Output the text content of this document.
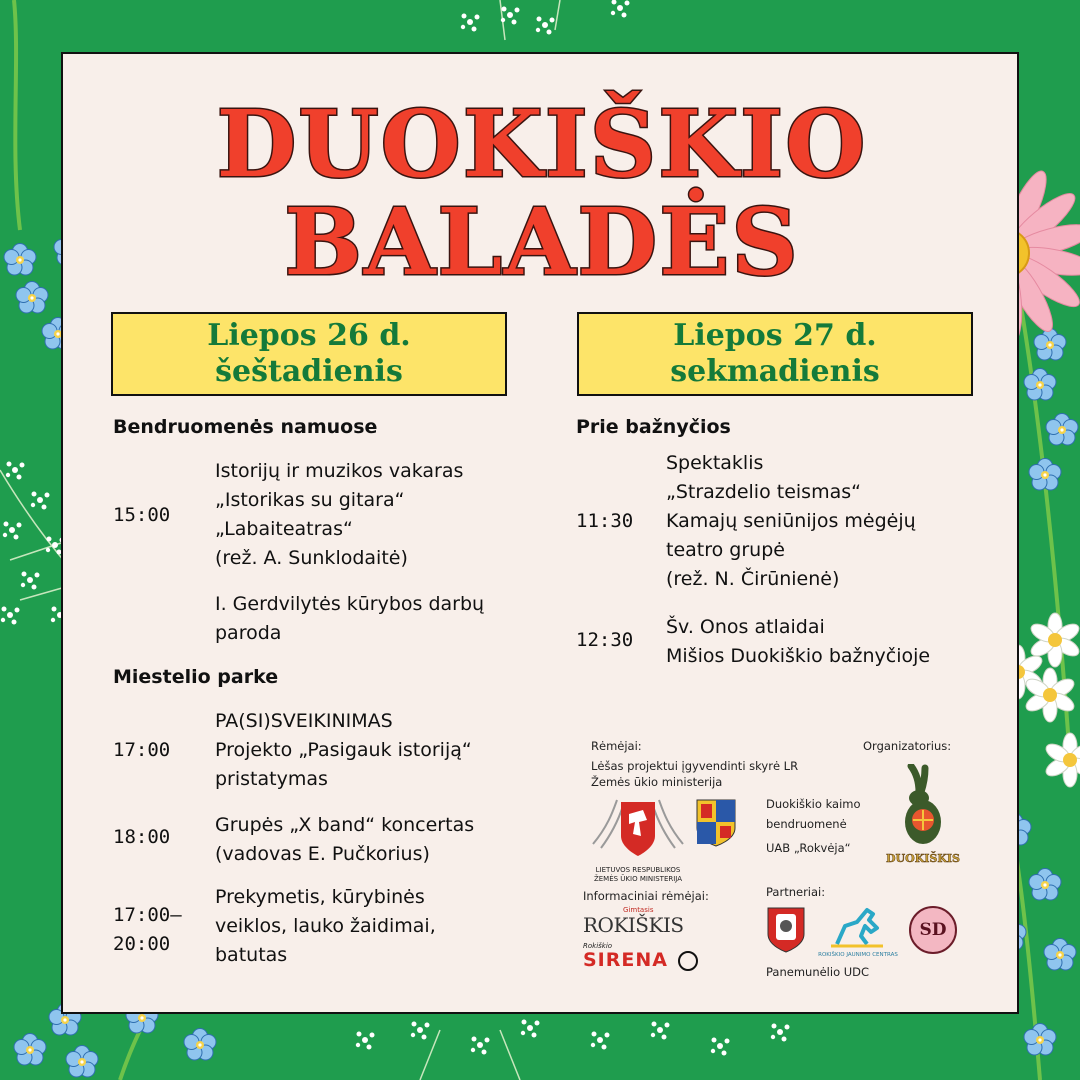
DUOKIŠKIO
BALADĖS
Liepos 26 d.
šeštadienis
Liepos 27 d.
sekmadienis
Bendruomenės namuose
15:00
Istorijų ir muzikos vakaras
„Istorikas su gitara“
„Labaiteatras“
(rež. A. Sunklodaitė)
I. Gerdvilytės kūrybos darbų
paroda
Miestelio parke
17:00
PA(SI)SVEIKINIMAS
Projekto „Pasigauk istoriją“
pristatymas
18:00
Grupės „X band“ koncertas
(vadovas E. Pučkorius)
17:00–
20:00
Prekymetis, kūrybinės
veiklos, lauko žaidimai,
batutas
Prie bažnyčios
11:30
Spektaklis
„Strazdelio teismas“
Kamajų seniūnijos mėgėjų
teatro grupė
(rež. N. Čirūnienė)
12:30
Šv. Onos atlaidai
Mišios Duokiškio bažnyčioje
Rėmėjai:
Lėšas projektui įgyvendinti skyrė LR
Žemės ūkio ministerija
Organizatorius:
LIETUVOS RESPUBLIKOS
ŽEMĖS ŪKIO MINISTERIJA
Duokiškio kaimo
bendruomenė
UAB „Rokvėja“
DUOKIŠKIS
Informaciniai rėmėjai:	Partneriai:
Gimtasis
ROKIŠKIS
Rokiškio
SIRENA	ROKIŠKIO JAUNIMO CENTRAS
SD
Panemunėlio UDC
